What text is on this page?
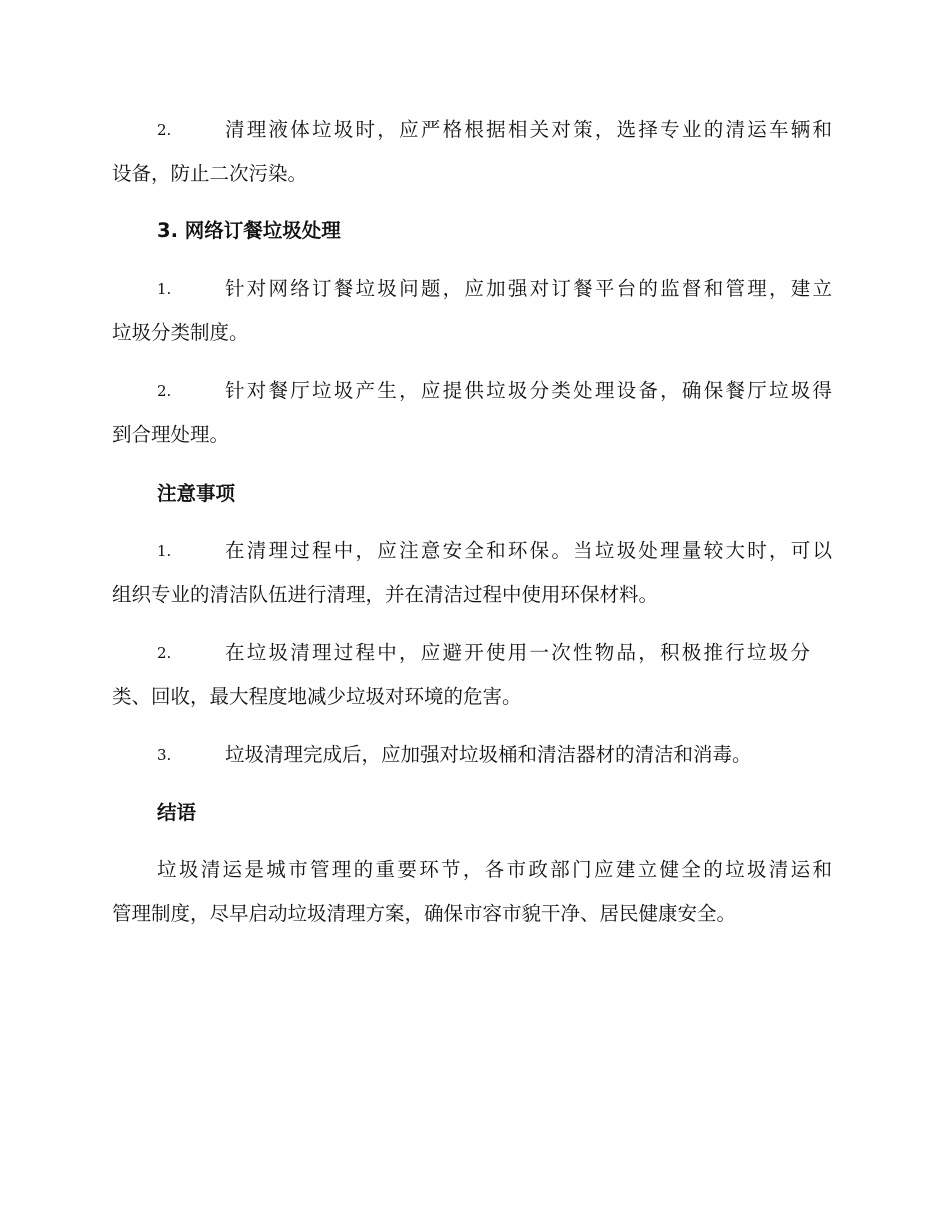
2.	清理液体垃圾时，应严格根据相关对策，选择专业的清运车辆和
设备，防止二次污染。
3. 网络订餐垃圾处理
1.	针对网络订餐垃圾问题，应加强对订餐平台的监督和管理，建立
垃圾分类制度。
2.	针对餐厅垃圾产生，应提供垃圾分类处理设备，确保餐厅垃圾得
到合理处理。
注意事项
1.	在清理过程中，应注意安全和环保。当垃圾处理量较大时，可以
组织专业的清洁队伍进行清理，并在清洁过程中使用环保材料。
2.	在垃圾清理过程中，应避开使用一次性物品，积极推行垃圾分
类、回收，最大程度地减少垃圾对环境的危害。
3.	垃圾清理完成后，应加强对垃圾桶和清洁器材的清洁和消毒。
结语
垃圾清运是城市管理的重要环节，各市政部门应建立健全的垃圾清运和
管理制度，尽早启动垃圾清理方案，确保市容市貌干净、居民健康安全。
